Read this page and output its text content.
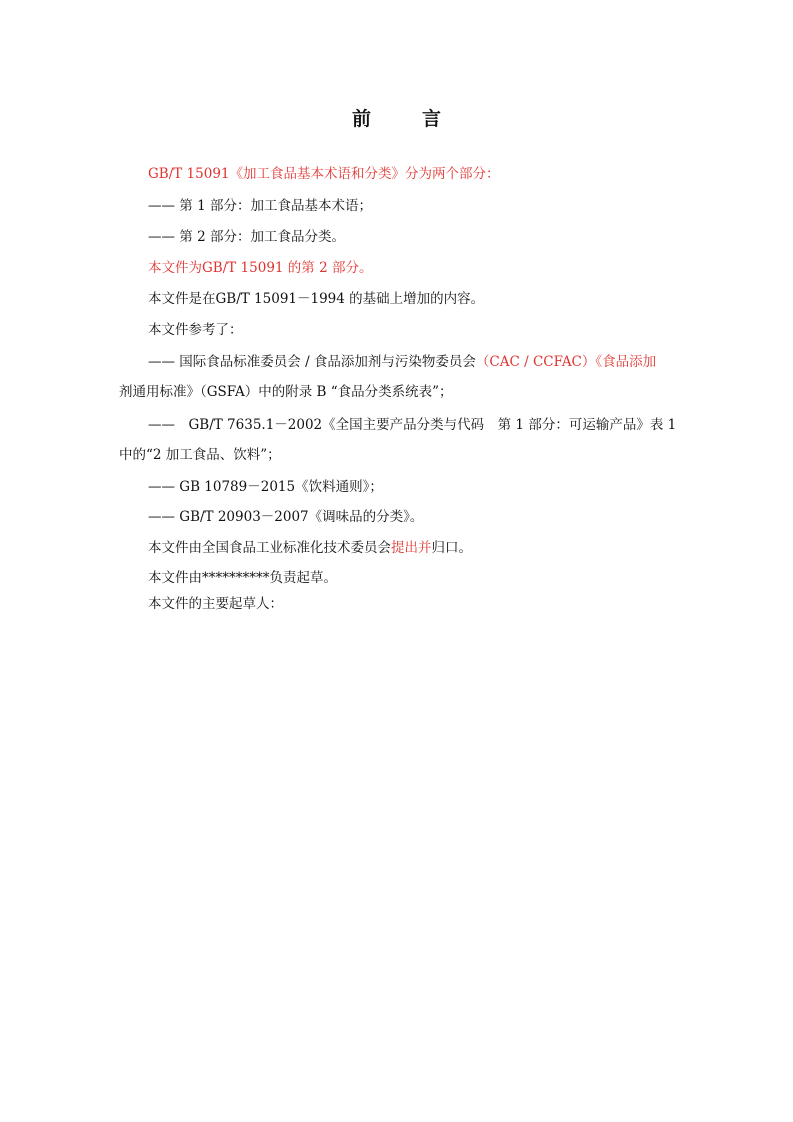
前　言
GB/T 15091《加工食品基本术语和分类》分为两个部分：
—— 第 1 部分：加工食品基本术语；
—— 第 2 部分：加工食品分类。
本文件为GB/T 15091 的第 2 部分。
本文件是在GB/T 15091－1994 的基础上增加的内容。
本文件参考了：
—— 国际食品标准委员会 / 食品添加剂与污染物委员会（CAC / CCFAC）《食品添加
剂通用标准》（GSFA）中的附录 B “食品分类系统表”；
——　GB/T 7635.1－2002《全国主要产品分类与代码　第 1 部分：可运输产品》表 1
中的“2 加工食品、饮料”；
—— GB 10789－2015《饮料通则》；
—— GB/T 20903－2007《调味品的分类》。
本文件由全国食品工业标准化技术委员会提出并归口。
本文件由**********负责起草。
本文件的主要起草人：
